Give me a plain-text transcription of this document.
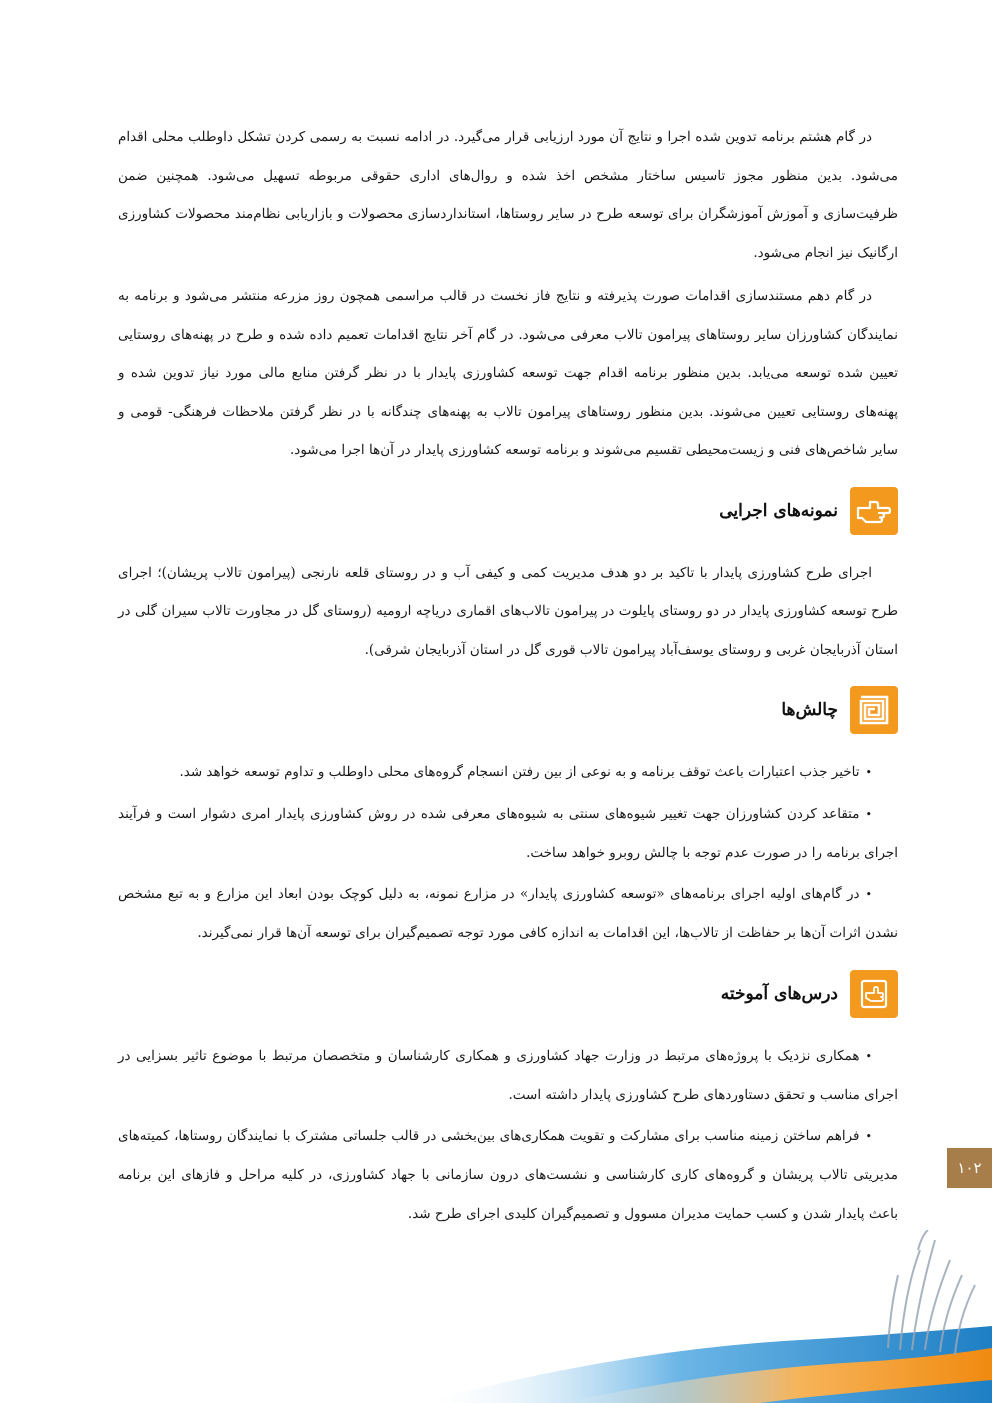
در گام هشتم برنامه تدوین شده اجرا و نتایج آن مورد ارزیابی قرار می‌گیرد. در ادامه نسبت به رسمی کردن تشکل داوطلب محلی اقدام می‌شود. بدین منظور مجوز تاسیس ساختار مشخص اخذ شده و روال‌های اداری حقوقی مربوطه تسهیل می‌شود. همچنین ضمن ظرفیت‌سازی و آموزش آموزشگران برای توسعه طرح در سایر روستاها، استانداردسازی محصولات و بازاریابی نظام‌مند محصولات کشاورزی ارگانیک نیز انجام می‌شود.

در گام دهم مستندسازی اقدامات صورت پذیرفته و نتایج فاز نخست در قالب مراسمی همچون روز مزرعه منتشر می‌شود و برنامه به نمایندگان کشاورزان سایر روستاهای پیرامون تالاب معرفی می‌شود. در گام آخر نتایج اقدامات تعمیم داده شده و طرح در پهنه‌های روستایی تعیین شده توسعه می‌یابد. بدین منظور برنامه اقدام جهت توسعه کشاورزی پایدار با در نظر گرفتن منابع مالی مورد نیاز تدوین شده و پهنه‌های روستایی تعیین می‌شوند. بدین منظور روستاهای پیرامون تالاب به پهنه‌های چندگانه با در نظر گرفتن ملاحظات فرهنگی- قومی و سایر شاخص‌های فنی و زیست‌محیطی تقسیم می‌شوند و برنامه توسعه کشاورزی پایدار در آن‌ها اجرا می‌شود.

نمونه‌های اجرایی

اجرای طرح کشاورزی پایدار با تاکید بر دو هدف مدیریت کمی و کیفی آب و در روستای قلعه نارنجی (پیرامون تالاب پریشان)؛ اجرای طرح توسعه کشاورزی پایدار در دو روستای پایلوت در پیرامون تالاب‌های اقماری دریاچه ارومیه (روستای گل در مجاورت تالاب سیران گلی در استان آذربایجان غربی و روستای یوسف‌آباد پیرامون تالاب قوری گل در استان آذربایجان شرقی).

چالش‌ها
•تاخیر جذب اعتبارات باعث توقف برنامه و به نوعی از بین رفتن انسجام گروه‌های محلی داوطلب و تداوم توسعه خواهد شد.
•متقاعد کردن کشاورزان جهت تغییر شیوه‌های سنتی به شیوه‌های معرفی شده در روش کشاورزی پایدار امری دشوار است و فرآیند اجرای برنامه را در صورت عدم توجه با چالش روبرو خواهد ساخت.
•در گام‌های اولیه اجرای برنامه‌های «توسعه کشاورزی پایدار» در مزارع نمونه، به دلیل کوچک بودن ابعاد این مزارع و به تبع مشخص نشدن اثرات آن‌ها بر حفاظت از تالاب‌ها، این اقدامات به اندازه کافی مورد توجه تصمیم‌گیران برای توسعه آن‌ها قرار نمی‌گیرند.
درس‌های آموخته
•همکاری نزدیک با پروژه‌های مرتبط در وزارت جهاد کشاورزی و همکاری کارشناسان و متخصصان مرتبط با موضوع تاثیر بسزایی در اجرای مناسب و تحقق دستاوردهای طرح کشاورزی پایدار داشته است.
•فراهم ساختن زمینه مناسب برای مشارکت و تقویت همکاری‌های بین‌بخشی در قالب جلساتی مشترک با نمایندگان روستاها، کمیته‌های مدیریتی تالاب پریشان و گروه‌های کاری کارشناسی و نشست‌های درون سازمانی با جهاد کشاورزی، در کلیه مراحل و فازهای این برنامه باعث پایدار شدن و کسب حمایت مدیران مسوول و تصمیم‌گیران کلیدی اجرای طرح شد.
۱۰۲
